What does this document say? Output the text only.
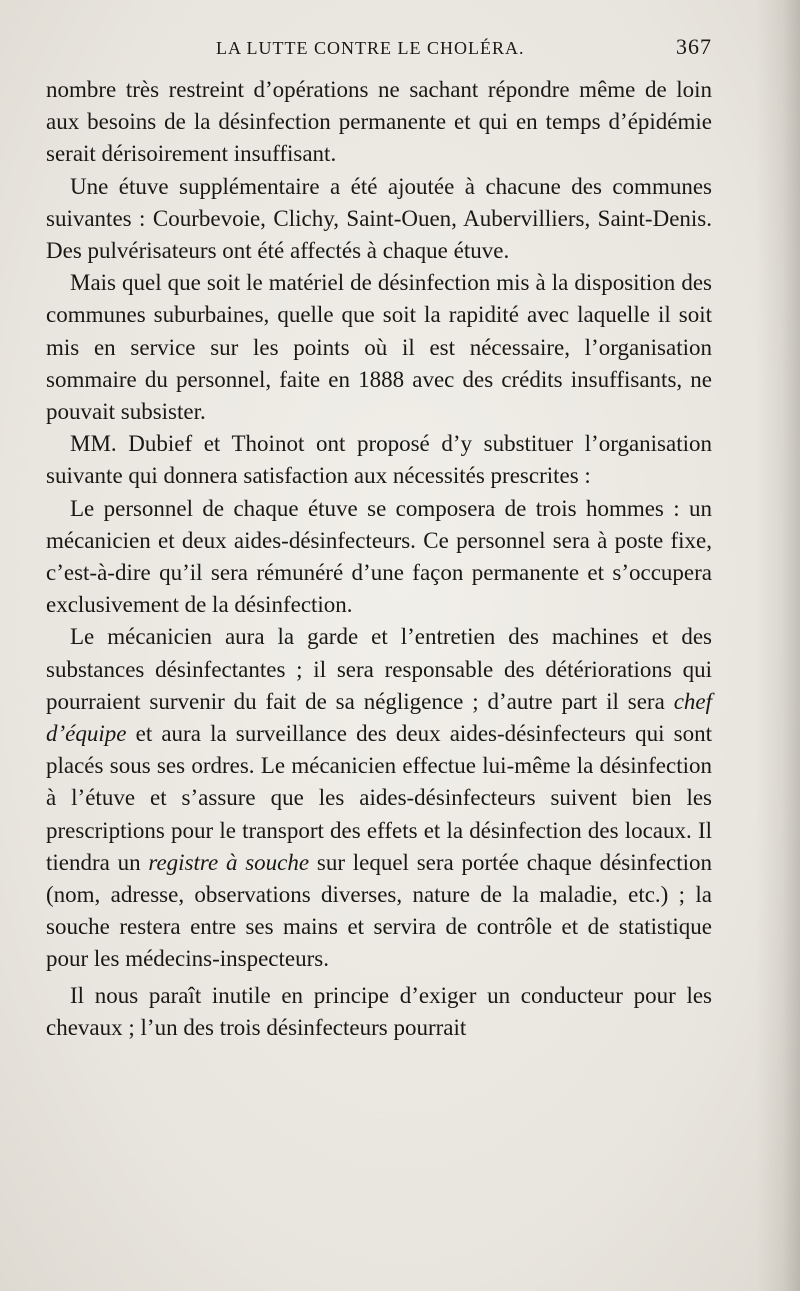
LA LUTTE CONTRE LE CHOLÉRA.	367

nombre très restreint d’opérations ne sachant répondre même de loin aux besoins de la désinfection permanente et qui en temps d’épidémie serait dérisoirement insuffisant.

Une étuve supplémentaire a été ajoutée à chacune des communes suivantes : Courbevoie, Clichy, Saint-Ouen, Aubervilliers, Saint-Denis. Des pulvérisateurs ont été affectés à chaque étuve.

Mais quel que soit le matériel de désinfection mis à la disposition des communes suburbaines, quelle que soit la rapidité avec laquelle il soit mis en service sur les points où il est nécessaire, l’organisation sommaire du personnel, faite en 1888 avec des crédits insuffisants, ne pouvait subsister.

MM. Dubief et Thoinot ont proposé d’y substituer l’organisation suivante qui donnera satisfaction aux nécessités prescrites :

Le personnel de chaque étuve se composera de trois hommes : un mécanicien et deux aides-désinfecteurs. Ce personnel sera à poste fixe, c’est-à-dire qu’il sera rémunéré d’une façon permanente et s’occupera exclusivement de la désinfection.

Le mécanicien aura la garde et l’entretien des machines et des substances désinfectantes ; il sera responsable des détériorations qui pourraient survenir du fait de sa négligence ; d’autre part il sera chef d’équipe et aura la surveillance des deux aides-désinfecteurs qui sont placés sous ses ordres. Le mécanicien effectue lui-même la désinfection à l’étuve et s’assure que les aides-désinfecteurs suivent bien les prescriptions pour le transport des effets et la désinfection des locaux. Il tiendra un registre à souche sur lequel sera portée chaque désinfection (nom, adresse, observations diverses, nature de la maladie, etc.) ; la souche restera entre ses mains et servira de contrôle et de statistique pour les médecins-inspecteurs.

Il nous paraît inutile en principe d’exiger un conducteur pour les chevaux ; l’un des trois désinfecteurs pourrait
